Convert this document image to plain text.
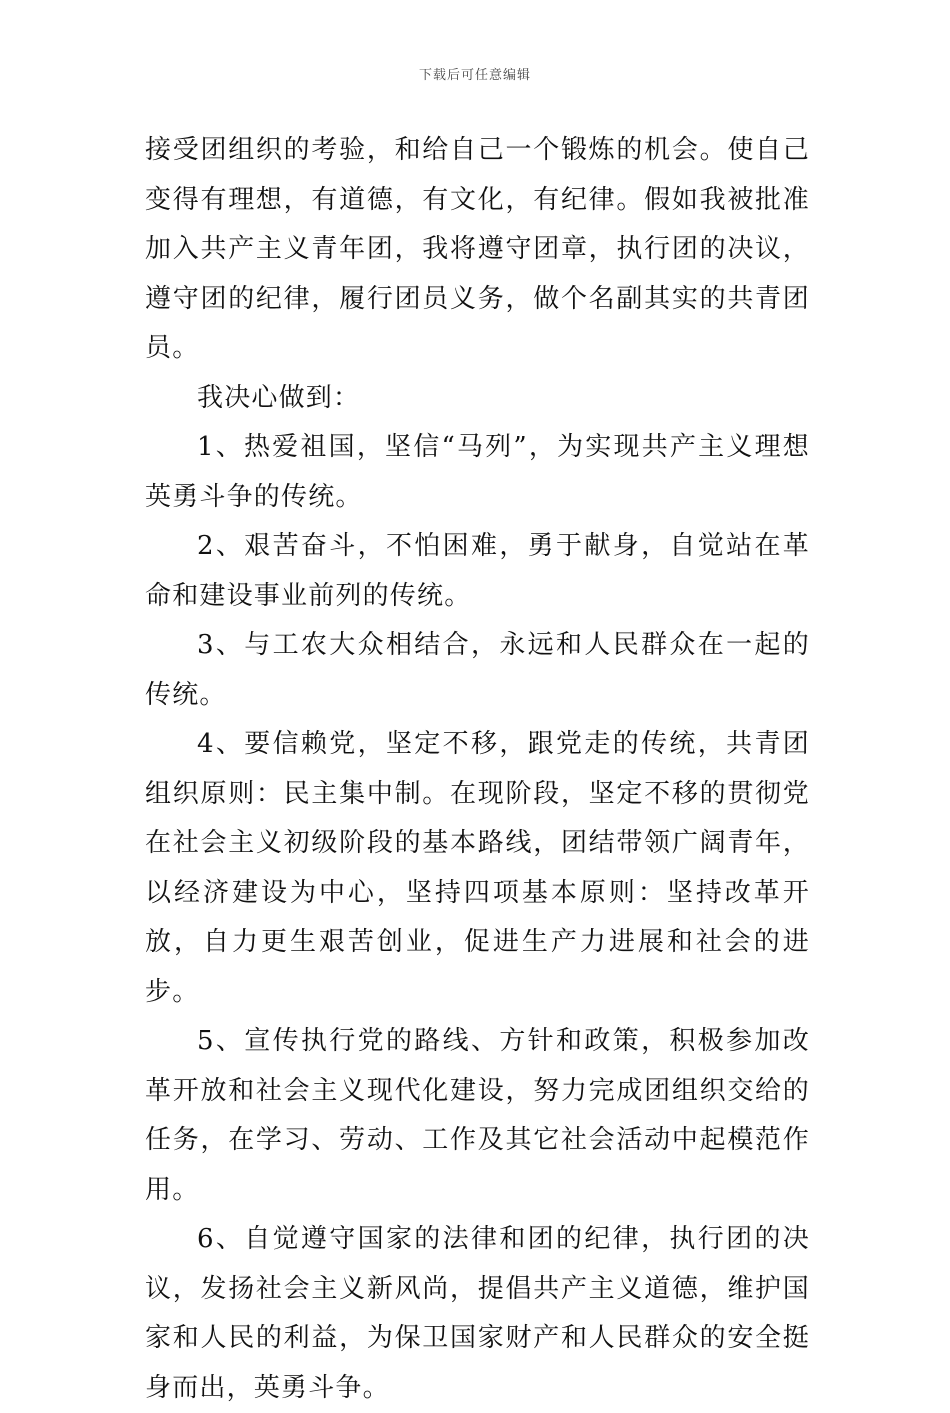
下载后可任意编辑

接受团组织的考验，和给自己一个锻炼的机会。使自己变得有理想，有道德，有文化，有纪律。假如我被批准加入共产主义青年团，我将遵守团章，执行团的决议，遵守团的纪律，履行团员义务，做个名副其实的共青团员。

我决心做到：

1、热爱祖国，坚信“马列”，为实现共产主义理想英勇斗争的传统。

2、艰苦奋斗，不怕困难，勇于献身，自觉站在革命和建设事业前列的传统。

3、与工农大众相结合，永远和人民群众在一起的传统。

4、要信赖党，坚定不移，跟党走的传统，共青团组织原则：民主集中制。在现阶段，坚定不移的贯彻党在社会主义初级阶段的基本路线，团结带领广阔青年，以经济建设为中心，坚持四项基本原则：坚持改革开放，自力更生艰苦创业，促进生产力进展和社会的进步。

5、宣传执行党的路线、方针和政策，积极参加改革开放和社会主义现代化建设，努力完成团组织交给的任务，在学习、劳动、工作及其它社会活动中起模范作用。

6、自觉遵守国家的法律和团的纪律，执行团的决议，发扬社会主义新风尚，提倡共产主义道德，维护国家和人民的利益，为保卫国家财产和人民群众的安全挺身而出，英勇斗争。
